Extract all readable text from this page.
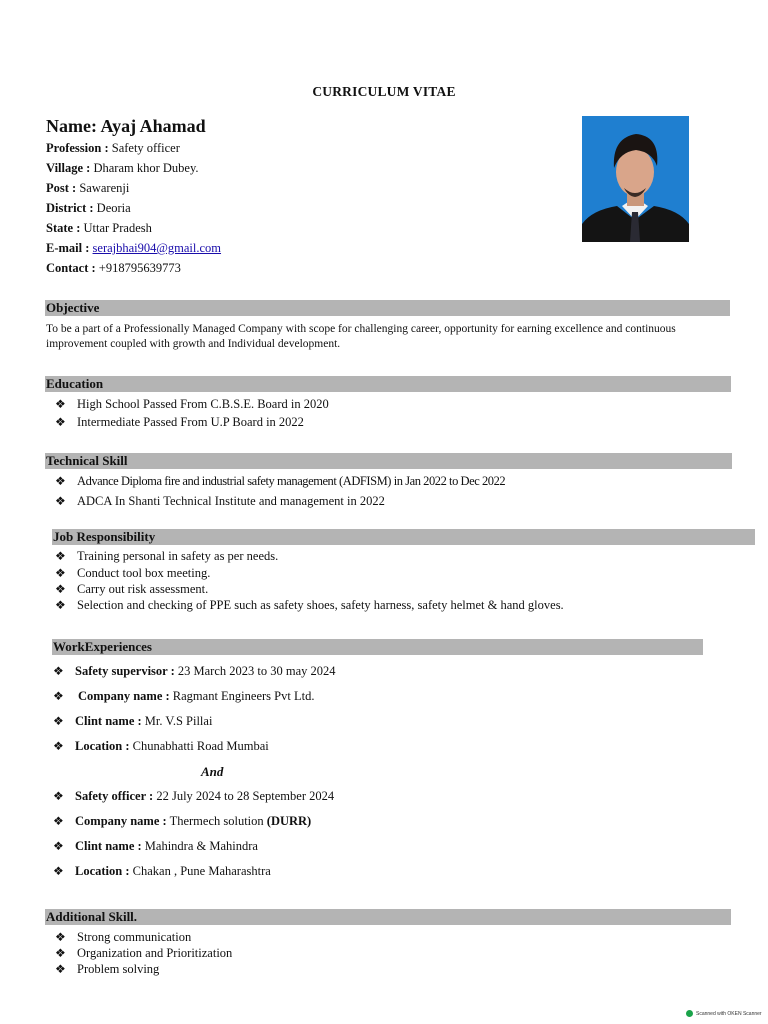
CURRICULUM VITAE
Name: Ayaj Ahamad
Profession : Safety officer
Village : Dharam khor Dubey.
Post : Sawarenji
District : Deoria
State : Uttar Pradesh
E-mail : serajbhai904@gmail.com
Contact : +918795639773
Objective
To be a part of a Professionally Managed Company with scope for challenging career, opportunity for earning excellence and continuous improvement coupled with growth and Individual development.
Education
❖ High School Passed From C.B.S.E. Board in 2020
❖ Intermediate Passed From U.P Board in 2022
Technical Skill
❖ Advance Diploma fire and industrial safety management (ADFISM) in Jan 2022 to Dec 2022
❖ ADCA In Shanti Technical Institute and management in 2022
Job Responsibility
❖ Training personal in safety as per needs.
❖ Conduct tool box meeting.
❖ Carry out risk assessment.
❖ Selection and checking of PPE such as safety shoes, safety harness, safety helmet & hand gloves.
WorkExperiences
❖ Safety supervisor : 23 March 2023 to 30 may 2024
❖ Company name : Ragmant Engineers Pvt Ltd.
❖ Clint name : Mr. V.S Pillai
❖ Location : Chunabhatti Road Mumbai
And
❖ Safety officer : 22 July 2024 to 28 September 2024
❖ Company name : Thermech solution (DURR)
❖ Clint name : Mahindra & Mahindra
❖ Location : Chakan , Pune Maharashtra
Additional Skill.
❖ Strong communication
❖ Organization and Prioritization
❖ Problem solving
Scanned with OKEN Scanner
